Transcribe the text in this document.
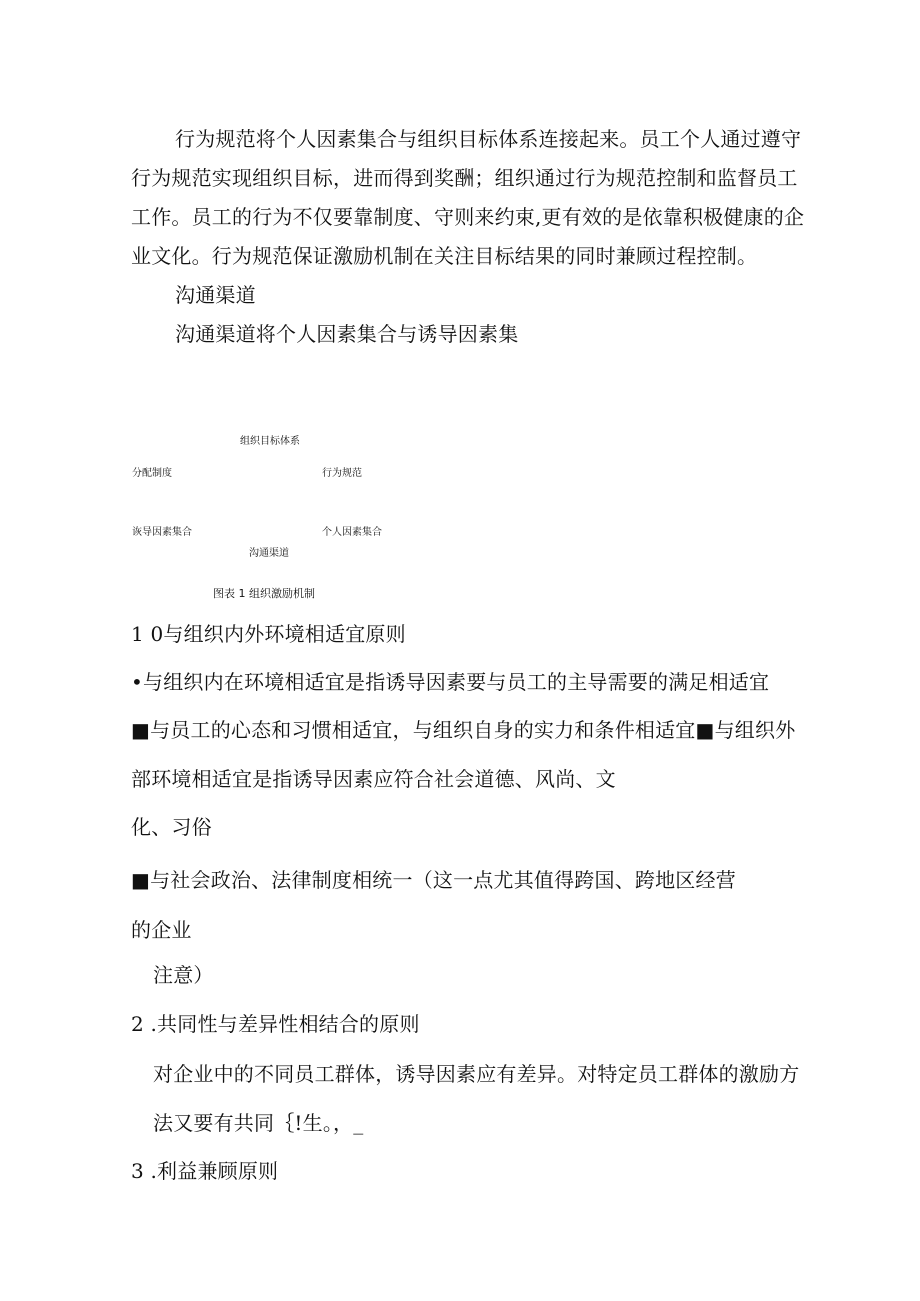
行为规范将个人因素集合与组织目标体系连接起来。员工个人通过遵守
行为规范实现组织目标，进而得到奖酬；组织通过行为规范控制和监督员工
工作。员工的行为不仅要靠制度、守则来约束,更有效的是依靠积极健康的企
业文化。行为规范保证激励机制在关注目标结果的同时兼顾过程控制。
沟通渠道
沟通渠道将个人因素集合与诱导因素集
组织目标体系
分配制度	行为规范
诙导因素集合	个人因素集合
沟通渠道
图表 1 组织激励机制
1 0与组织内外环境相适宜原则
•与组织内在环境相适宜是指诱导因素要与员工的主导需要的满足相适宜
■与员工的心态和习惯相适宜，与组织自身的实力和条件相适宜■与组织外
部环境相适宜是指诱导因素应符合社会道德、风尚、文
化、习俗
■与社会政治、法律制度相统一（这一点尤其值得跨国、跨地区经营
的企业
注意）
2 .共同性与差异性相结合的原则
对企业中的不同员工群体，诱导因素应有差异。对特定员工群体的激励方
法又要有共同｛!生。，_
3 .利益兼顾原则
